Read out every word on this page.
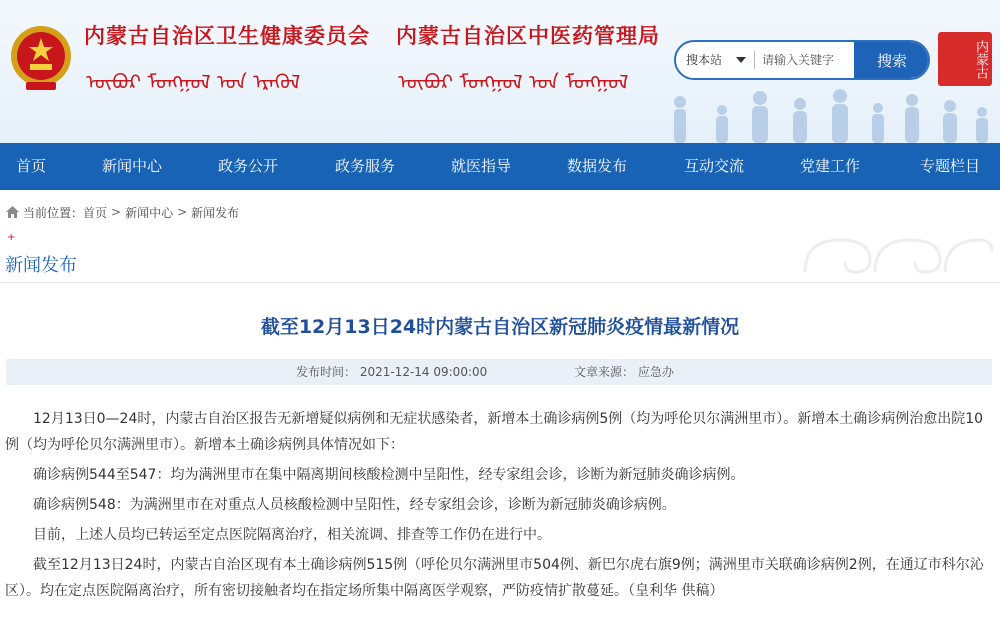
内蒙古自治区卫生健康委员会 内蒙古自治区中医药管理局
ᠥᠪᠦᠷ ᠮᠣᠩᠭᠣᠯ ᠤᠨ ᠡᠷᠡᠭᠦᠯ	ᠥᠪᠦᠷ ᠮᠣᠩᠭᠣᠯ ᠤᠨ ᠮᠣᠩᠭᠣᠯ
搜本站
请输入关键字	搜索	内蒙古
首页	新闻中心	政务公开	政务服务	就医指导	数据发布	互动交流	党建工作	专题栏目
当前位置： 首页 > 新闻中心 > 新闻发布
+
新闻发布
截至12月13日24时内蒙古自治区新冠肺炎疫情最新情况
发布时间： 2021-12-14 09:00:00	文章来源： 应急办

12月13日0—24时，内蒙古自治区报告无新增疑似病例和无症状感染者，新增本土确诊病例5例（均为呼伦贝尔满洲里市）。新增本土确诊病例治愈出院10例（均为呼伦贝尔满洲里市）。新增本土确诊病例具体情况如下：

确诊病例544至547：均为满洲里市在集中隔离期间核酸检测中呈阳性，经专家组会诊，诊断为新冠肺炎确诊病例。

确诊病例548：为满洲里市在对重点人员核酸检测中呈阳性，经专家组会诊，诊断为新冠肺炎确诊病例。

目前，上述人员均已转运至定点医院隔离治疗，相关流调、排查等工作仍在进行中。

截至12月13日24时，内蒙古自治区现有本土确诊病例515例（呼伦贝尔满洲里市504例、新巴尔虎右旗9例；满洲里市关联确诊病例2例，在通辽市科尔沁区）。均在定点医院隔离治疗，所有密切接触者均在指定场所集中隔离医学观察，严防疫情扩散蔓延。（皇利华 供稿）
